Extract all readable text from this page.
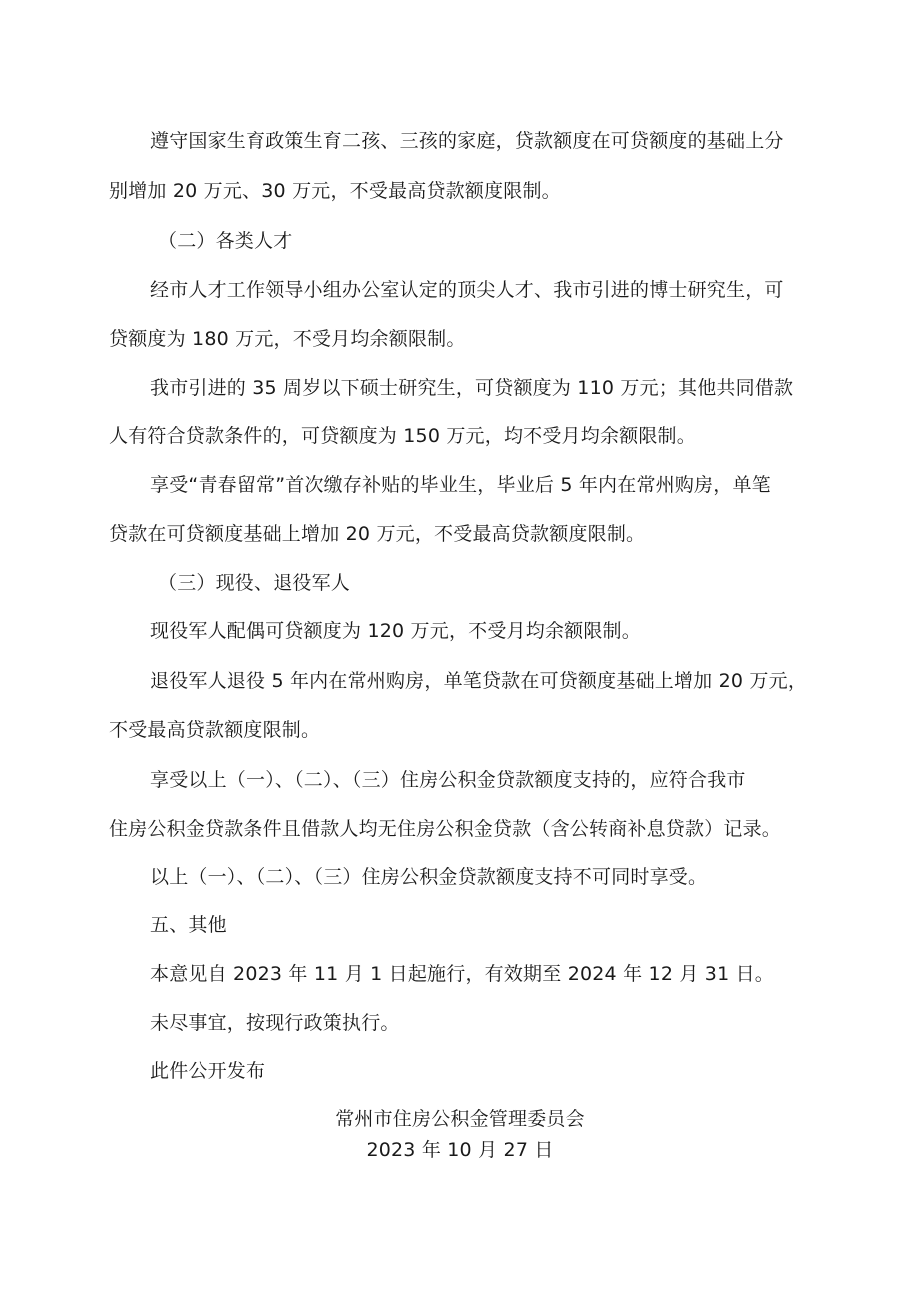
遵守国家生育政策生育二孩、三孩的家庭，贷款额度在可贷额度的基础上分
别增加 20 万元、30 万元，不受最高贷款额度限制。
（二）各类人才
经市人才工作领导小组办公室认定的顶尖人才、我市引进的博士研究生，可
贷额度为 180 万元，不受月均余额限制。
我市引进的 35 周岁以下硕士研究生，可贷额度为 110 万元；其他共同借款
人有符合贷款条件的，可贷额度为 150 万元，均不受月均余额限制。
享受“青春留常”首次缴存补贴的毕业生，毕业后 5 年内在常州购房，单笔
贷款在可贷额度基础上增加 20 万元，不受最高贷款额度限制。
（三）现役、退役军人
现役军人配偶可贷额度为 120 万元，不受月均余额限制。
退役军人退役 5 年内在常州购房，单笔贷款在可贷额度基础上增加 20 万元，
不受最高贷款额度限制。
享受以上（一）、（二）、（三）住房公积金贷款额度支持的，应符合我市
住房公积金贷款条件且借款人均无住房公积金贷款（含公转商补息贷款）记录。
以上（一）、（二）、（三）住房公积金贷款额度支持不可同时享受。
五、其他
本意见自 2023 年 11 月 1 日起施行，有效期至 2024 年 12 月 31 日。
未尽事宜，按现行政策执行。
此件公开发布
常州市住房公积金管理委员会
2023 年 10 月 27 日
